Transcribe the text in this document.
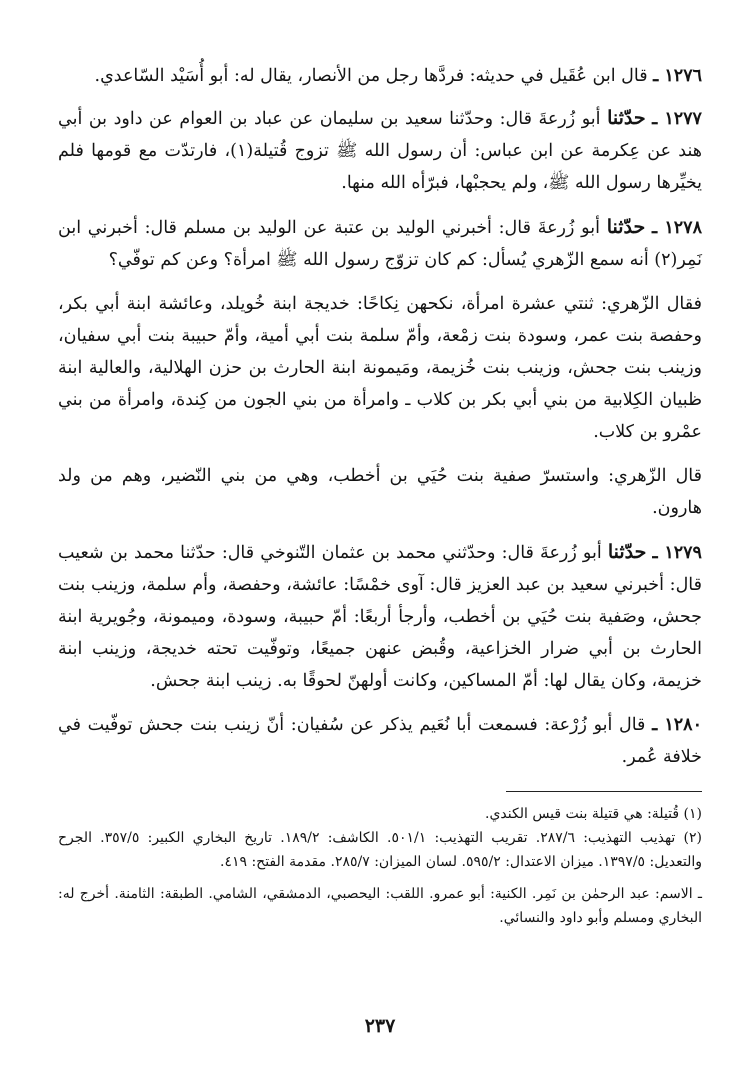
١٢٧٦ ـ قال ابن عُقَيل في حديثه: فردَّها رجل من الأنصار، يقال له: أبو أُسَيْد السّاعدي.

١٢٧٧ ـ حدّثنا أبو زُرعةَ قال: وحدّثنا سعيد بن سليمان عن عباد بن العوام عن داود بن أبي هند عن عِكرمة عن ابن عباس: أن رسول الله ﷺ تزوج قُتيلة(١)، فارتدّت مع قومها فلم يخيِّرها رسول الله ﷺ، ولم يحجبْها، فبرّأه الله منها.

١٢٧٨ ـ حدّثنا أبو زُرعةَ قال: أخبرني الوليد بن عتبة عن الوليد بن مسلم قال: أخبرني ابن نَمِر(٢) أنه سمع الزّهري يُسأل: كم كان تزوّج رسول الله ﷺ امرأة؟ وعن كم توفّي؟

فقال الزّهري: ثنتي عشرة امرأة، نكحهن نِكاحًا: خديجة ابنة خُويلد، وعائشة ابنة أبي بكر، وحفصة بنت عمر، وسودة بنت زمْعة، وأمّ سلمة بنت أبي أمية، وأمّ حبيبة بنت أبي سفيان، وزينب بنت جحش، وزينب بنت خُزيمة، ومَيمونة ابنة الحارث بن حزن الهلالية، والعالية ابنة ظبيان الكِلابية من بني أبي بكر بن كلاب ـ وامرأة من بني الجون من كِندة، وامرأة من بني عمْرو بن كلاب.

قال الزّهري: واستسرّ صفية بنت حُيَي بن أخطب، وهي من بني النّضير، وهم من ولد هارون.

١٢٧٩ ـ حدّثنا أبو زُرعةَ قال: وحدّثني محمد بن عثمان التّنوخي قال: حدّثنا محمد بن شعيب قال: أخبرني سعيد بن عبد العزيز قال: آوى خمْسًا: عائشة، وحفصة، وأم سلمة، وزينب بنت جحش، وصَفية بنت حُيَي بن أخطب، وأرجأ أربعًا: أمّ حبيبة، وسودة، وميمونة، وجُويرية ابنة الحارث بن أبي ضرار الخزاعية، وقُبض عنهن جميعًا، وتوفّيت تحته خديجة، وزينب ابنة خزيمة، وكان يقال لها: أمّ المساكين، وكانت أولهنّ لحوقًا به. زينب ابنة جحش.

١٢٨٠ ـ قال أبو زُرْعة: فسمعت أبا نُعَيم يذكر عن سُفيان: أنّ زينب بنت جحش توفّيت في خلافة عُمر.

(١) قُتيلة: هي قتيلة بنت قيس الكندي.

(٢) تهذيب التهذيب: ٢٨٧/٦. تقريب التهذيب: ٥٠١/١. الكاشف: ١٨٩/٢. تاريخ البخاري الكبير: ٣٥٧/٥. الجرح والتعديل: ١٣٩٧/٥. ميزان الاعتدال: ٥٩٥/٢. لسان الميزان: ٢٨٥/٧. مقدمة الفتح: ٤١٩.

ـ الاسم: عبد الرحمٰن بن نَمِر. الكنية: أبو عمرو. اللقب: اليحصبي، الدمشقي، الشامي. الطبقة: الثامنة. أخرج له: البخاري ومسلم وأبو داود والنسائي.

٢٣٧
